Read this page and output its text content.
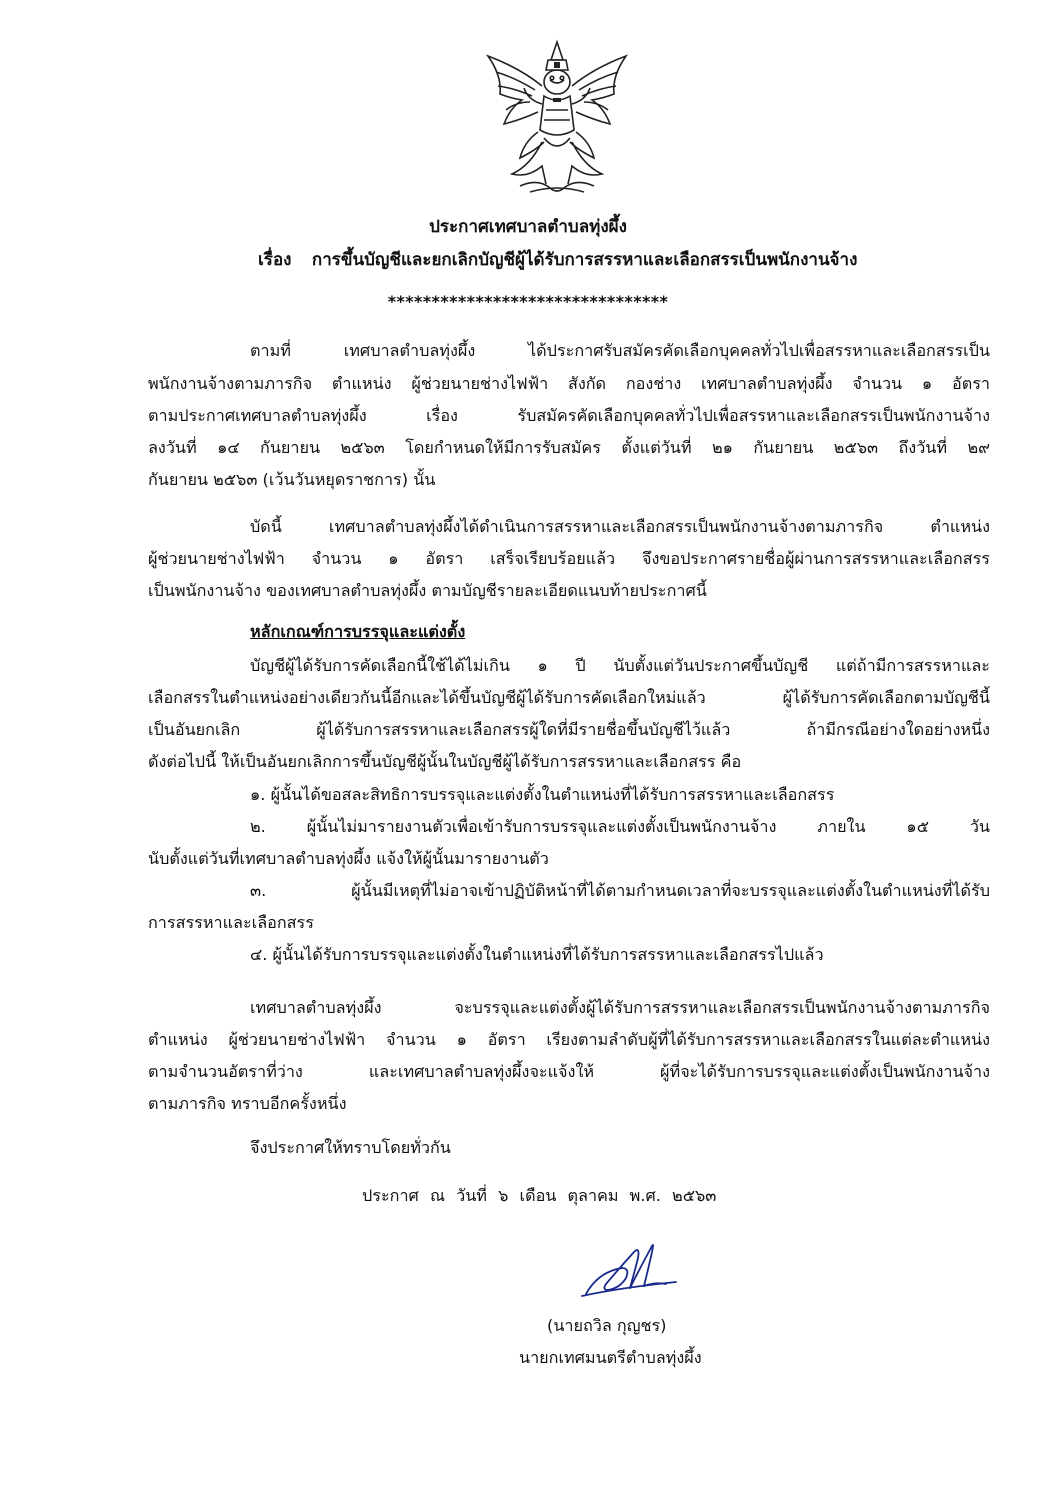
ประกาศเทศบาลตำบลทุ่งผึ้ง
เรื่อง การขึ้นบัญชีและยกเลิกบัญชีผู้ได้รับการสรรหาและเลือกสรรเป็นพนักงานจ้าง
********************************
ตามที่ เทศบาลตำบลทุ่งผึ้ง ได้ประกาศรับสมัครคัดเลือกบุคคลทั่วไปเพื่อสรรหาและเลือกสรรเป็น
พนักงานจ้างตามภารกิจ ตำแหน่ง ผู้ช่วยนายช่างไฟฟ้า สังกัด กองช่าง เทศบาลตำบลทุ่งผึ้ง จำนวน ๑ อัตรา
ตามประกาศเทศบาลตำบลทุ่งผึ้ง เรื่อง รับสมัครคัดเลือกบุคคลทั่วไปเพื่อสรรหาและเลือกสรรเป็นพนักงานจ้าง
ลงวันที่ ๑๔ กันยายน ๒๕๖๓ โดยกำหนดให้มีการรับสมัคร ตั้งแต่วันที่ ๒๑ กันยายน ๒๕๖๓ ถึงวันที่ ๒๙
กันยายน ๒๕๖๓ (เว้นวันหยุดราชการ) นั้น
บัดนี้ เทศบาลตำบลทุ่งผึ้งได้ดำเนินการสรรหาและเลือกสรรเป็นพนักงานจ้างตามภารกิจ ตำแหน่ง
ผู้ช่วยนายช่างไฟฟ้า จำนวน ๑ อัตรา เสร็จเรียบร้อยแล้ว จึงขอประกาศรายชื่อผู้ผ่านการสรรหาและเลือกสรร
เป็นพนักงานจ้าง ของเทศบาลตำบลทุ่งผึ้ง ตามบัญชีรายละเอียดแนบท้ายประกาศนี้
หลักเกณฑ์การบรรจุและแต่งตั้ง
บัญชีผู้ได้รับการคัดเลือกนี้ใช้ได้ไม่เกิน ๑ ปี นับตั้งแต่วันประกาศขึ้นบัญชี แต่ถ้ามีการสรรหาและ
เลือกสรรในตำแหน่งอย่างเดียวกันนี้อีกและได้ขึ้นบัญชีผู้ได้รับการคัดเลือกใหม่แล้ว ผู้ได้รับการคัดเลือกตามบัญชีนี้
เป็นอันยกเลิก ผู้ได้รับการสรรหาและเลือกสรรผู้ใดที่มีรายชื่อขึ้นบัญชีไว้แล้ว ถ้ามีกรณีอย่างใดอย่างหนึ่ง
ดังต่อไปนี้ ให้เป็นอันยกเลิกการขึ้นบัญชีผู้นั้นในบัญชีผู้ได้รับการสรรหาและเลือกสรร คือ
๑. ผู้นั้นได้ขอสละสิทธิการบรรจุและแต่งตั้งในตำแหน่งที่ได้รับการสรรหาและเลือกสรร
๒. ผู้นั้นไม่มารายงานตัวเพื่อเข้ารับการบรรจุและแต่งตั้งเป็นพนักงานจ้าง ภายใน ๑๕ วัน
นับตั้งแต่วันที่เทศบาลตำบลทุ่งผึ้ง แจ้งให้ผู้นั้นมารายงานตัว
๓. ผู้นั้นมีเหตุที่ไม่อาจเข้าปฏิบัติหน้าที่ได้ตามกำหนดเวลาที่จะบรรจุและแต่งตั้งในตำแหน่งที่ได้รับ
การสรรหาและเลือกสรร
๔. ผู้นั้นได้รับการบรรจุและแต่งตั้งในตำแหน่งที่ได้รับการสรรหาและเลือกสรรไปแล้ว
เทศบาลตำบลทุ่งผึ้ง จะบรรจุและแต่งตั้งผู้ได้รับการสรรหาและเลือกสรรเป็นพนักงานจ้างตามภารกิจ
ตำแหน่ง ผู้ช่วยนายช่างไฟฟ้า จำนวน ๑ อัตรา เรียงตามลำดับผู้ที่ได้รับการสรรหาและเลือกสรรในแต่ละตำแหน่ง
ตามจำนวนอัตราที่ว่าง และเทศบาลตำบลทุ่งผึ้งจะแจ้งให้ ผู้ที่จะได้รับการบรรจุและแต่งตั้งเป็นพนักงานจ้าง
ตามภารกิจ ทราบอีกครั้งหนึ่ง
จึงประกาศให้ทราบโดยทั่วกัน
ประกาศ ณ วันที่ ๖ เดือน ตุลาคม พ.ศ. ๒๕๖๓
(นายถวิล กุญชร)
นายกเทศมนตรีตำบลทุ่งผึ้ง
